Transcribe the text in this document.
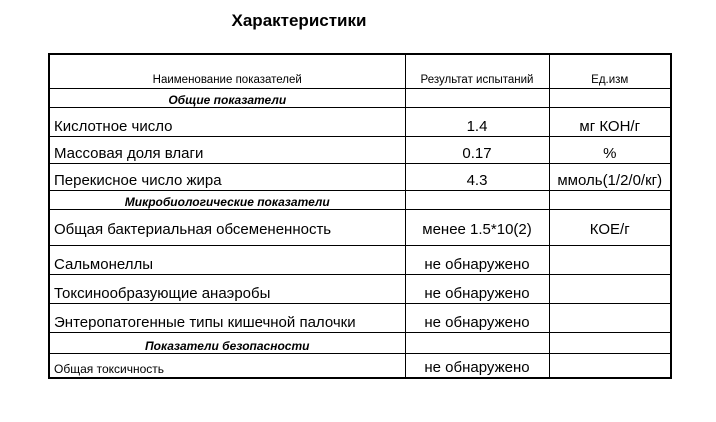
Характеристики
Наименование показателей	Результат испытаний	Ед.изм
Общие показатели		
Кислотное число	1.4	мг КОН/г
Массовая доля влаги	0.17	%
Перекисное число жира	4.3	ммоль(1/2/0/кг)
Микробиологические показатели		
Общая бактериальная обсемененность	менее 1.5*10(2)	КОЕ/г
Сальмонеллы	не обнаружено	
Токсинообразующие анаэробы	не обнаружено	
Энтеропатогенные типы кишечной палочки	не обнаружено	
Показатели безопасности		
Общая токсичность	не обнаружено	
